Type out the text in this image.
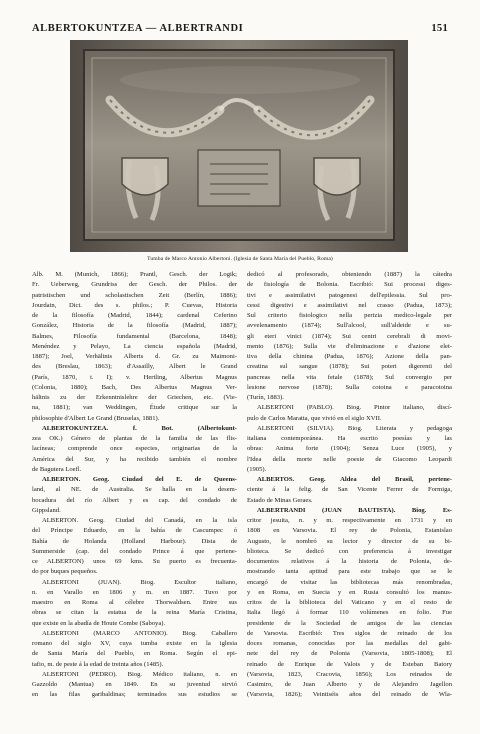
ALBERTOKUNTZEA — ALBERTRANDI	151
Tumba de Marco Antonio Albertoni. (Iglesia de Santa María del Pueblo, Roma)
Alb. M. (Munich, 1866); Prantl, Gesch. der Logik;
Fr. Ueberweg, Grundriss der Gesch. der Philos. der
patristischen und scholastischen Zeit (Berlín, 1886);
Jourdain, Dict. des s. philos.; P. Cuevas, Historia
de la filosofía (Madrid, 1844); cardenal Ceferino
González, Historia de la filosofía (Madrid, 1887);
Balmes, Filosofía fundamental (Barcelona, 1848);
Menéndez y Pelayo, La ciencia española (Madrid,
1887); Joel, Verhältnis Alberts d. Gr. zu Maimoni-
des (Breslau, 1863); d'Assailly, Albert le Grand
(París, 1870, t. I); v. Hertling, Albertus Magnus
(Colonia, 1880); Bach, Des Albertus Magnus Ver-
hältnis zu der Erkenntnislehre der Griechen, etc. (Vie-
na, 1881); van Weddingen, Étude critique sur la
philosophie d'Albert Le Grand (Bruselas, 1881).
ALBERTOKUNTZEA. f. Bot. (Albertokunt-
zea OK.) Género de plantas de la familia de las flis-
lacíneas; comprende once especies, originarias de la
América del Sur, y ha recibido también el nombre
de Bagutera Loefl.
ALBERTON. Geog. Ciudad del E. de Queens-
land, al NE. de Australia. Se halla en la desem-
bocadura del río Albert y es cap. del condado de
Gippsland.
ALBERTON. Geog. Ciudad del Canadá, en la isla
del Príncipe Eduardo, en la bahía de Cascumpec ó
Bahía de Holanda (Holland Harbour). Dista de
Summerside (cap. del condado Prince á que pertene-
ce ALBERTON) unos 69 kms. Su puerto es frecuenta-
do por buques pequeños.
ALBERTONI (JUAN). Biog. Escultor italiano,
n. en Varallo en 1806 y m. en 1887. Tuvo por
maestro en Roma al célebre Thorwaldsen. Entre sus
obras se citan la estatua de la reina María Cristina,
que existe en la abadía de Houte Combe (Saboya).
ALBERTONI (MARCO ANTONIO). Biog. Caballero
romano del siglo XV, cuya tumba existe en la iglesia
de Santa María del Pueblo, en Roma. Según el epi-
tafio, m. de peste á la edad de treinta años (1485).
ALBERTONI (PEDRO). Biog. Médico italiano, n. en
Gazzoldo (Mantua) en 1849. En su juventud sirvió
en las filas garibaldinas; terminados sus estudios se
dedicó al profesorado, obteniendo (1887) la cátedra
de fisiología de Bolonia. Escribió: Sui processi diges-
tivi e assimilativi patogenesi dell'epilessia. Sul pro-
cessi digestivi e assimilativi nel crasso (Padua, 1873);
Sul criterio fisiologico nella perizia medico-legale per
avvelenamento (1874); Sull'alcool, sull'aldeide e su-
gli eteri vinici (1874); Sui centri cerebrali di movi-
mento (1876); Sulla vie d'eliminazione e d'azione elet-
tiva della chinina (Padua, 1876); Azione della pan-
creatina sul sangue (1878); Sui poteri digerenti del
pancreas nella vita fetale (1878); Sul convergio per
lesione nervose (1878); Sulla cotoina e paracotoina
(Turín, 1883).
ALBERTONI (PABLO). Biog. Pintor italiano, discí-
pulo de Carlos Maratta, que vivió en el siglo XVII.
ALBERTONI (SILVIA). Biog. Literata y pedagoga
italiana contemporánea. Ha escrito poesías y las
obras: Anima forte (1904); Senza Luce (1905), y
l'Idea della morte nelle poesie de Giacomo Leopardi
(1905).
ALBERTOS. Geog. Aldea del Brasil, pertene-
ciente á la felig. de San Vicente Ferrer de Formiga,
Estado de Minas Geraes.
ALBERTRANDI (JUAN BAUTISTA). Biog. Es-
critor jesuita, n. y m. respectivamente en 1731 y en
1808 en Varsovia. El rey de Polonia, Estanislao
Augusto, le nombró su lector y director de su bi-
blioteca. Se dedicó con preferencia á investigar
documentos relativos á la historia de Polonia, de-
mostrando tanta aptitud para este trabajo que se le
encargó de visitar las bibliotecas más renombradas,
y en Roma, en Suecia y en Rusia consultó los manus-
critos de la biblioteca del Vaticano y en el resto de
Italia llegó á formar 110 volúmenes en folio. Fue
presidente de la Sociedad de amigos de las ciencias
de Varsovia. Escribió: Tres siglos de reinado de los
doces romanas, conocidas por las medallas del gabi-
nete del rey de Polonia (Varsovia, 1805-1808); El
reinado de Enrique de Valois y de Esteban Batory
(Varsovia, 1823, Cracovia, 1856); Los reinados de
Casimiro, de Juan Alberto y de Alejandro Jagellon
(Varsovia, 1826); Veintiséis años del reinado de Wla-
